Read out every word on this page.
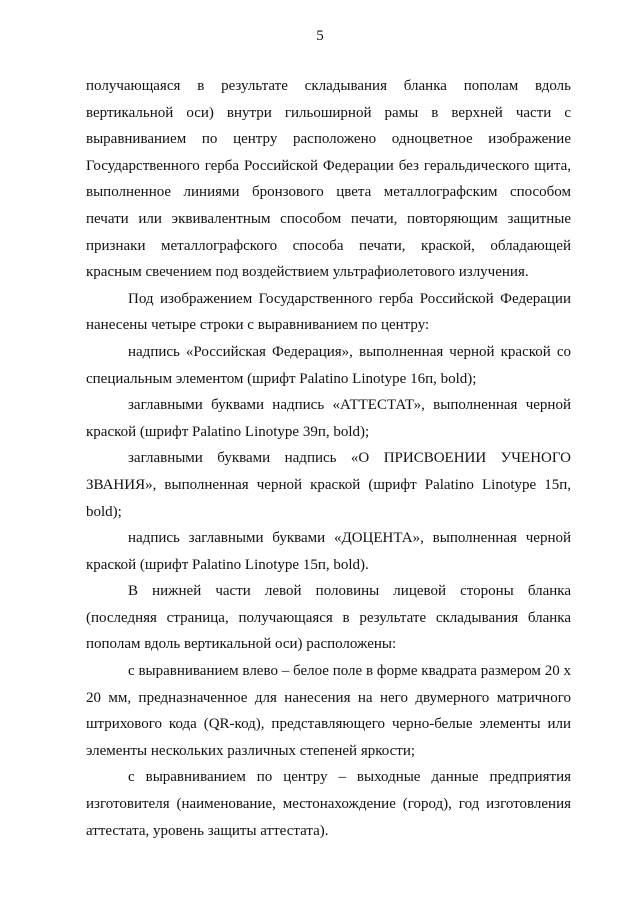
5

получающаяся в результате складывания бланка пополам вдоль вертикальной оси) внутри гильоширной рамы в верхней части с выравниванием по центру расположено одноцветное изображение Государственного герба Российской Федерации без геральдического щита, выполненное линиями бронзового цвета металлографским способом печати или эквивалентным способом печати, повторяющим защитные признаки металлографского способа печати, краской, обладающей красным свечением под воздействием ультрафиолетового излучения.

Под изображением Государственного герба Российской Федерации нанесены четыре строки с выравниванием по центру:

надпись «Российская Федерация», выполненная черной краской со специальным элементом (шрифт Palatino Linotype 16п, bold);

заглавными буквами надпись «АТТЕСТАТ», выполненная черной краской (шрифт Palatino Linotype 39п, bold);

заглавными буквами надпись «О ПРИСВОЕНИИ УЧЕНОГО ЗВАНИЯ», выполненная черной краской (шрифт Palatino Linotype 15п, bold);

надпись заглавными буквами «ДОЦЕНТА», выполненная черной краской (шрифт Palatino Linotype 15п, bold).

В нижней части левой половины лицевой стороны бланка (последняя страница, получающаяся в результате складывания бланка пополам вдоль вертикальной оси) расположены:

с выравниванием влево – белое поле в форме квадрата размером 20 х 20 мм, предназначенное для нанесения на него двумерного матричного штрихового кода (QR-код), представляющего черно-белые элементы или элементы нескольких различных степеней яркости;

с выравниванием по центру – выходные данные предприятия изготовителя (наименование, местонахождение (город), год изготовления аттестата, уровень защиты аттестата).
